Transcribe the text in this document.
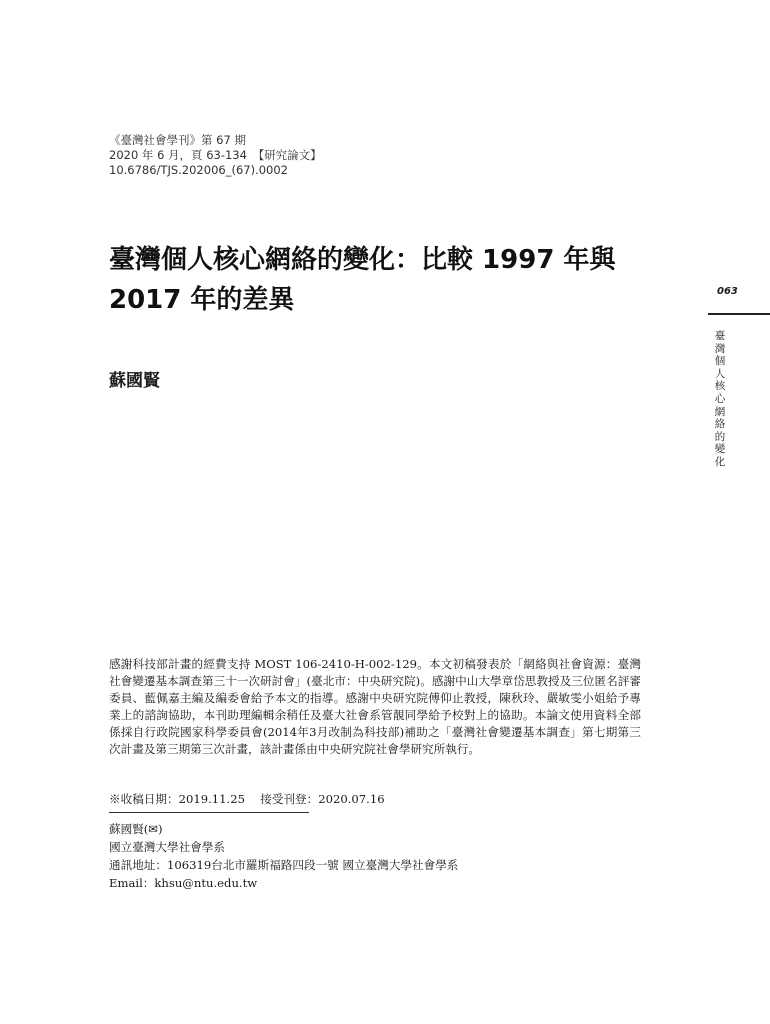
《臺灣社會學刊》第 67 期
2020 年 6 月，頁 63-134　【研究論文】
10.6786/TJS.202006_(67).0002
臺灣個人核心網絡的變化：比較 1997 年與 2017 年的差異
蘇國賢
063
臺灣個人核心網絡的變化
感謝科技部計畫的經費支持 MOST 106-2410-H-002-129。本文初稿發表於「網絡與社會資源：臺灣社會變遷基本調查第三十一次研討會」(臺北市：中央研究院)。感謝中山大學章岱思教授及三位匿名評審委員、藍佩嘉主編及編委會給予本文的指導。感謝中央研究院傅仰止教授，陳秋玲、嚴敏雯小姐給予專業上的諮詢協助，本刊助理編輯余稍任及臺大社會系管靚同學給予校對上的協助。本論文使用資料全部係採自行政院國家科學委員會(2014年3月改制為科技部)補助之「臺灣社會變遷基本調查」第七期第三次計畫及第三期第三次計畫，該計畫係由中央研究院社會學研究所執行。
※收稿日期：2019.11.25　 接受刊登：2020.07.16
蘇國賢(✉)
國立臺灣大學社會學系
通訊地址：106319台北市羅斯福路四段一號 國立臺灣大學社會學系
Email：khsu@ntu.edu.tw
